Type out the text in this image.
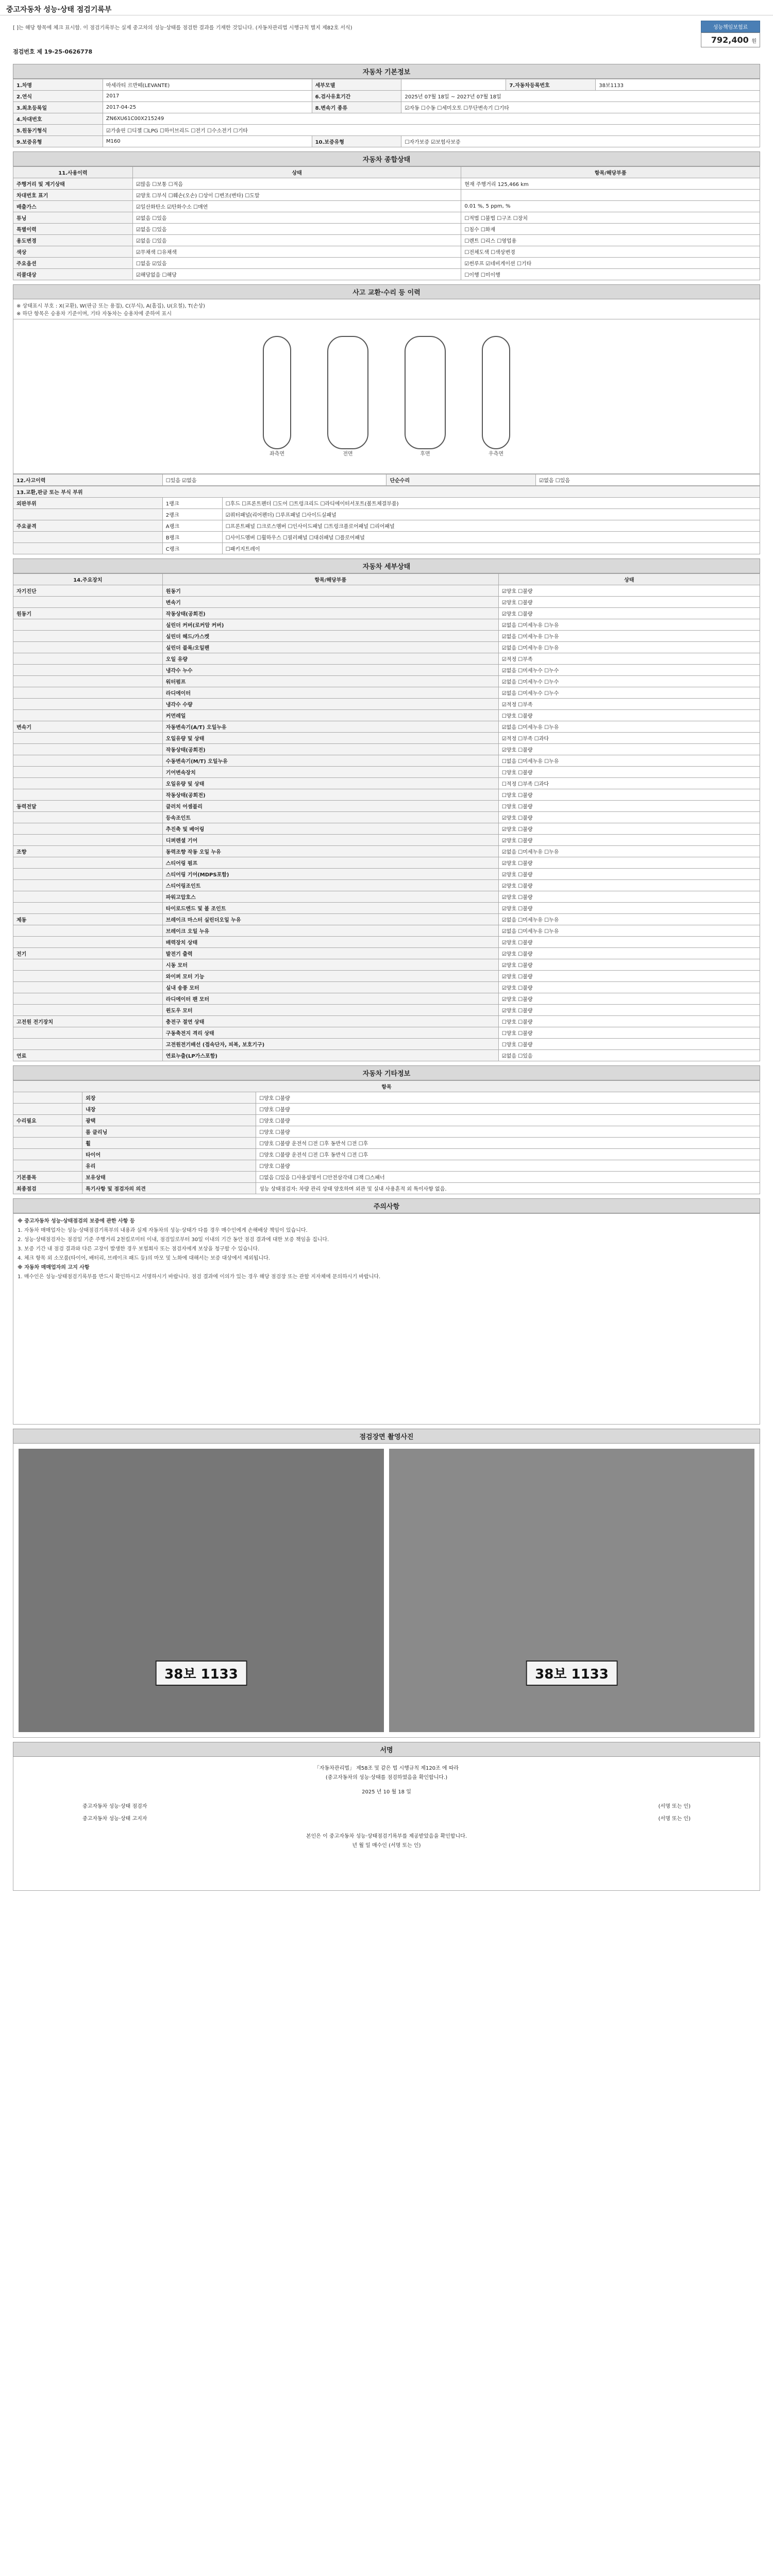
중고자동차 성능·상태 점검기록부
[ ]는 해당 항목에 체크 표시함. 이 점검기록부는 실제 중고차의 성능·상태를 점검한 결과를 기재한 것입니다. (자동차관리법 시행규칙 별지 제82호 서식)	성능책임보험료
792,400 원
점검번호 제 19-25-0626778
자동차 기본정보
1.차명	마세라티 르반떼(LEVANTE)	세부모델		7.자동차등록번호	38보1133
2.연식	2017	6.검사유효기간	2025년 07월 18일 ~ 2027년 07월 18일		
3.최초등록일	2017-04-25	8.변속기 종류	☑자동 ☐수동 ☐세미오토 ☐무단변속기 ☐기타		
4.차대번호	ZN6XU61C00X215249				
5.원동기형식	☑가솔린 ☐디젤 ☐LPG ☐하이브리드 ☐전기 ☐수소전기 ☐기타				
9.보증유형	M160	10.보증유형	☐자가보증 ☑보험사보증		
자동차 종합상태
11.사용이력	상태	항목/해당부품
주행거리 및 계기상태	☑많음 ☐보통 ☐적음	현재 주행거리 125,466 km
차대번호 표기	☑양호 ☐부식 ☐훼손(오손) ☐상이 ☐변조(변타) ☐도말	
배출가스	☑일산화탄소 ☑탄화수소 ☐매연	0.01 %, 5 ppm, %
튜닝	☑없음 ☐있음	☐적법 ☐불법 ☐구조 ☐장치
특별이력	☑없음 ☐있음	☐침수 ☐화재
용도변경	☑없음 ☐있음	☐렌트 ☐리스 ☐영업용
색상	☑무채색 ☐유채색	☐전체도색 ☐색상변경
주요옵션	☐없음 ☑있음	☑썬루프 ☑네비게이션 ☐기타
리콜대상	☑해당없음 ☐해당	☐이행 ☐미이행
사고 교환·수리 등 이력
※ 상태표시 부호 : X(교환), W(판금 또는 용접), C(부식), A(흠집), U(요철), T(손상)
※ 하단 항목은 승용차 기준이며, 기타 자동차는 승용차에 준하여 표시
좌측면	전면	후면	우측면
12.사고이력	☐있음 ☑없음	단순수리	☑없음 ☐있음
13.교환,판금 또는 부식 부위		
외판부위	1랭크	☐후드 ☐프론트펜더 ☐도어 ☐트렁크리드 ☐라디에이터서포트(볼트체결부품)
	2랭크	☑쿼터패널(리어펜더) ☐루프패널 ☐사이드실패널
주요골격	A랭크	☐프론트패널 ☐크로스멤버 ☐인사이드패널 ☐트렁크플로어패널 ☐리어패널
	B랭크	☐사이드멤버 ☐휠하우스 ☐필러패널 ☐대쉬패널 ☐플로어패널
	C랭크	☐패키지트레이
자동차 세부상태
14.주요장치	항목/해당부품	상태
자기진단	원동기	☑양호 ☐불량
	변속기	☑양호 ☐불량
원동기	작동상태(공회전)	☑양호 ☐불량
	실린더 커버(로커암 커버)	☑없음 ☐미세누유 ☐누유
	실린더 헤드/가스켓	☑없음 ☐미세누유 ☐누유
	실린더 블록/오일팬	☑없음 ☐미세누유 ☐누유
	오일 유량	☑적정 ☐부족
	냉각수 누수	☑없음 ☐미세누수 ☐누수
	워터펌프	☑없음 ☐미세누수 ☐누수
	라디에이터	☑없음 ☐미세누수 ☐누수
	냉각수 수량	☑적정 ☐부족
	커먼레일	☐양호 ☐불량
변속기	자동변속기(A/T) 오일누유	☑없음 ☐미세누유 ☐누유
	오일유량 및 상태	☑적정 ☐부족 ☐과다
	작동상태(공회전)	☑양호 ☐불량
	수동변속기(M/T) 오일누유	☐없음 ☐미세누유 ☐누유
	기어변속장치	☐양호 ☐불량
	오일유량 및 상태	☐적정 ☐부족 ☐과다
	작동상태(공회전)	☐양호 ☐불량
동력전달	클러치 어셈블리	☐양호 ☐불량
	등속조인트	☑양호 ☐불량
	추진축 및 베어링	☑양호 ☐불량
	디퍼렌셜 기어	☑양호 ☐불량
조향	동력조향 작동 오일 누유	☑없음 ☐미세누유 ☐누유
	스티어링 펌프	☑양호 ☐불량
	스티어링 기어(MDPS포함)	☑양호 ☐불량
	스티어링조인트	☑양호 ☐불량
	파워고압호스	☑양호 ☐불량
	타이로드엔드 및 볼 조인트	☑양호 ☐불량
제동	브레이크 마스터 실린더오일 누유	☑없음 ☐미세누유 ☐누유
	브레이크 오일 누유	☑없음 ☐미세누유 ☐누유
	배력장치 상태	☑양호 ☐불량
전기	발전기 출력	☑양호 ☐불량
	시동 모터	☑양호 ☐불량
	와이퍼 모터 기능	☑양호 ☐불량
	실내 송풍 모터	☑양호 ☐불량
	라디에이터 팬 모터	☑양호 ☐불량
	윈도우 모터	☑양호 ☐불량
고전원 전기장치	충전구 절연 상태	☐양호 ☐불량
	구동축전지 격리 상태	☐양호 ☐불량
	고전원전기배선 (접속단자, 피복, 보호기구)	☐양호 ☐불량
연료	연료누출(LP가스포함)	☑없음 ☐있음
자동차 기타정보
항목		
	외장	☐양호 ☐불량
	내장	☐양호 ☐불량
수리필요	광택	☐양호 ☐불량
	룸 클리닝	☐양호 ☐불량
	휠	☐양호 ☐불량 운전석 ☐전 ☐후 동반석 ☐전 ☐후
	타이어	☐양호 ☐불량 운전석 ☐전 ☐후 동반석 ☐전 ☐후
	유리	☐양호 ☐불량
기본품목	보유상태	☐없음 ☐있음 ☐사용설명서 ☐안전삼각대 ☐잭 ☐스패너
최종점검	특기사항 및 점검자의 의견	성능 상태점검자: 차량 관리 상태 양호하며 외관 및 실내 사용흔적 외 특이사항 없음.
주의사항

※ 중고자동차 성능·상태점검의 보증에 관한 사항 등

1. 자동차 매매업자는 성능·상태점검기록부의 내용과 실제 자동차의 성능·상태가 다를 경우 매수인에게 손해배상 책임이 있습니다.

2. 성능·상태점검자는 점검일 기준 주행거리 2천킬로미터 이내, 점검일로부터 30일 이내의 기간 동안 점검 결과에 대한 보증 책임을 집니다.

3. 보증 기간 내 점검 결과와 다른 고장이 발생한 경우 보험회사 또는 점검자에게 보상을 청구할 수 있습니다.

4. 체크 항목 외 소모품(타이어, 배터리, 브레이크 패드 등)의 마모 및 노화에 대해서는 보증 대상에서 제외됩니다.

※ 자동차 매매업자의 고지 사항

1. 매수인은 성능·상태점검기록부를 반드시 확인하시고 서명하시기 바랍니다. 점검 결과에 이의가 있는 경우 해당 점검장 또는 관할 지자체에 문의하시기 바랍니다.

점검장면 촬영사진
38보 1133	38보 1133
서명
「자동차관리법」 제58조 및 같은 법 시행규칙 제120조 에 따라
(중고자동차의 성능·상태를 점검하였음을 확인합니다.)
2025 년 10 월 18 일
중고자동차 성능·상태 점검자	(서명 또는 인)
중고자동차 성능·상태 고지자	(서명 또는 인)
본인은 이 중고자동차 성능·상태점검기록부를 제공받았음을 확인합니다.
년 월 일 매수인 (서명 또는 인)
